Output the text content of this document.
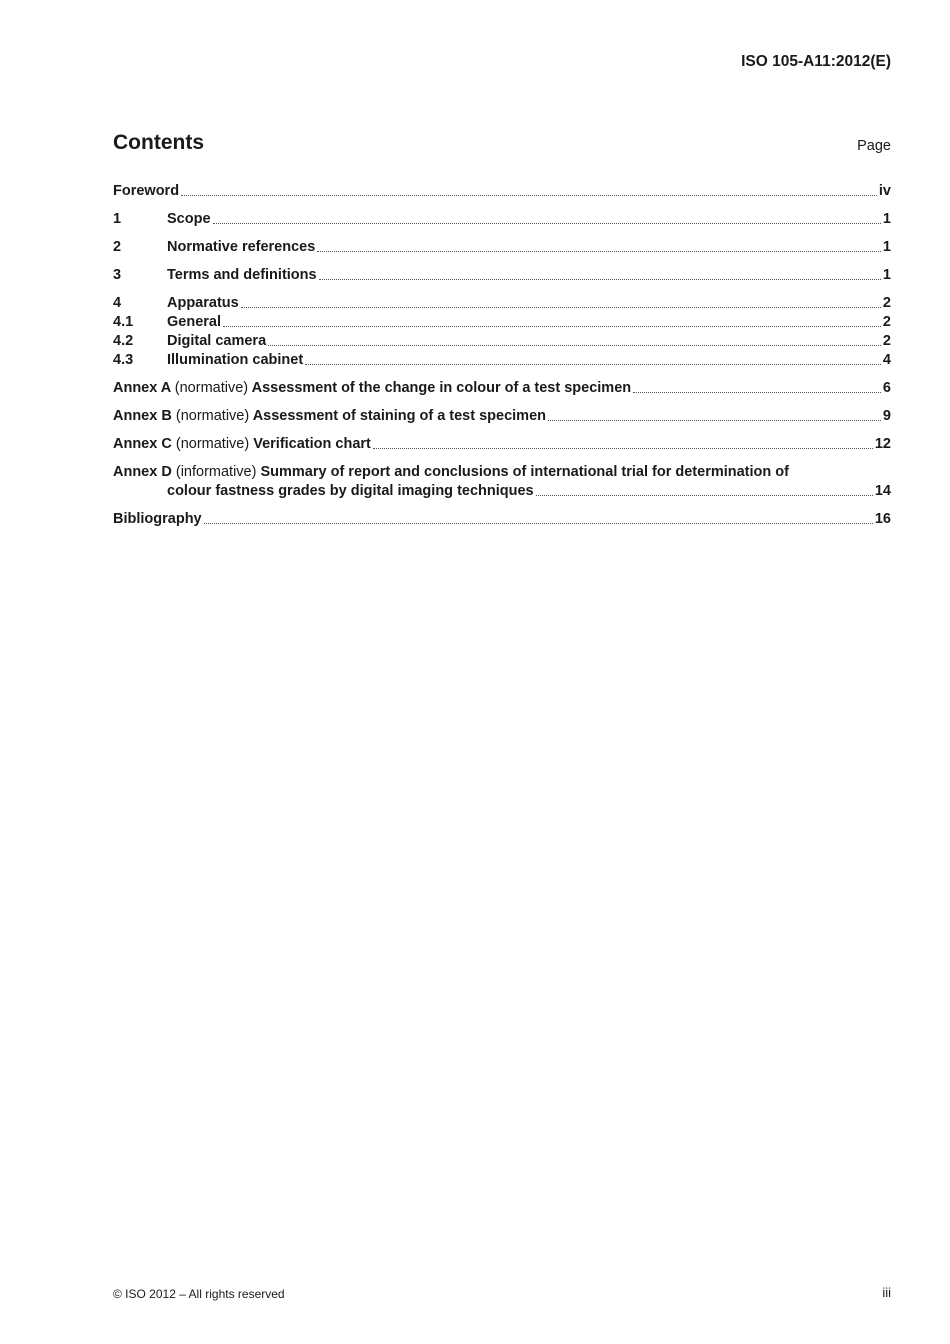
ISO 105-A11:2012(E)
Contents	Page
Foreword	iv
1	Scope	1
2	Normative references	1
3	Terms and definitions	1
4	Apparatus	2
4.1	General	2
4.2	Digital camera	2
4.3	Illumination cabinet	4
Annex A (normative) Assessment of the change in colour of a test specimen	6
Annex B (normative) Assessment of staining of a test specimen	9
Annex C (normative) Verification chart	12
Annex D (informative) Summary of report and conclusions of international trial for determination of
colour fastness grades by digital imaging techniques	14
Bibliography	16
© ISO 2012 – All rights reserved	iii
